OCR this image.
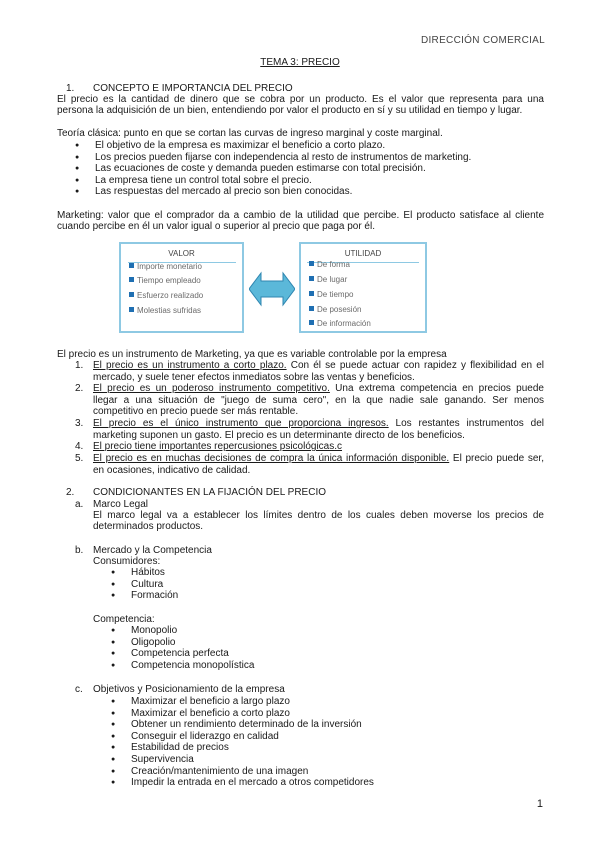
DIRECCIÓN COMERCIAL
TEMA 3: PRECIO
1. CONCEPTO E IMPORTANCIA DEL PRECIO
El precio es la cantidad de dinero que se cobra por un producto. Es el valor que representa para una
persona la adquisición de un bien, entendiendo por valor el producto en sí y su utilidad en tiempo y lugar.
Teoría clásica: punto en que se cortan las curvas de ingreso marginal y coste marginal.
● El objetivo de la empresa es maximizar el beneficio a corto plazo.
● Los precios pueden fijarse con independencia al resto de instrumentos de marketing.
● Las ecuaciones de coste y demanda pueden estimarse con total precisión.
● La empresa tiene un control total sobre el precio.
● Las respuestas del mercado al precio son bien conocidas.
Marketing: valor que el comprador da a cambio de la utilidad que percibe. El producto satisface al cliente
cuando percibe en él un valor igual o superior al precio que paga por él.
VALOR
Importe monetario
Tiempo empleado
Esfuerzo realizado
Molestias sufridas
UTILIDAD
De forma
De lugar
De tiempo
De posesión
De información
El precio es un instrumento de Marketing, ya que es variable controlable por la empresa
1. El precio es un instrumento a corto plazo. Con él se puede actuar con rapidez y flexibilidad en el
mercado, y suele tener efectos inmediatos sobre las ventas y beneficios.
2. El precio es un poderoso instrumento competitivo. Una extrema competencia en precios puede
llegar a una situación de "juego de suma cero", en la que nadie sale ganando. Ser menos
competitivo en precio puede ser más rentable.
3. El precio es el único instrumento que proporciona ingresos. Los restantes instrumentos del
marketing suponen un gasto. El precio es un determinante directo de los beneficios.
4. El precio tiene importantes repercusiones psicológicas.c
5. El precio es en muchas decisiones de compra la única información disponible. El precio puede ser,
en ocasiones, indicativo de calidad.
2. CONDICIONANTES EN LA FIJACIÓN DEL PRECIO
a. Marco Legal
El marco legal va a establecer los límites dentro de los cuales deben moverse los precios de
determinados productos.
b. Mercado y la Competencia
Consumidores:
● Hábitos
● Cultura
● Formación
Competencia:
● Monopolio
● Oligopolio
● Competencia perfecta
● Competencia monopolística
c. Objetivos y Posicionamiento de la empresa
● Maximizar el beneficio a largo plazo
● Maximizar el beneficio a corto plazo
● Obtener un rendimiento determinado de la inversión
● Conseguir el liderazgo en calidad
● Estabilidad de precios
● Supervivencia
● Creación/mantenimiento de una imagen
● Impedir la entrada en el mercado a otros competidores
1
